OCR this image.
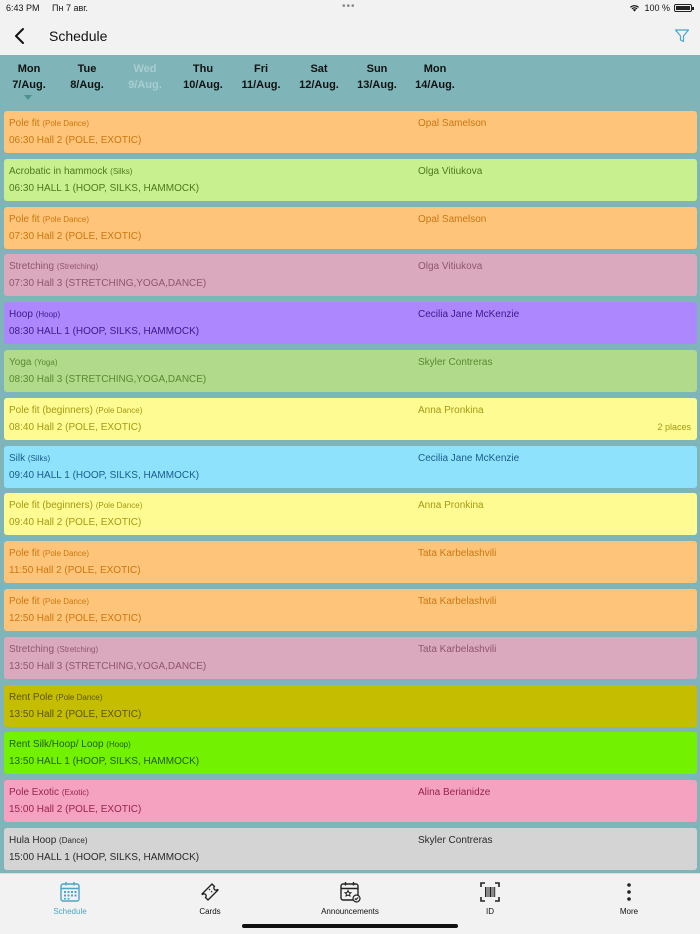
6:43 PM Пн 7 авг.	•••	100 %
Schedule
Mon
7/Aug.
Tue
8/Aug.
Wed
9/Aug.
Thu
10/Aug.
Fri
11/Aug.
Sat
12/Aug.
Sun
13/Aug.
Mon
14/Aug.
Pole fit (Pole Dance)
06:30 Hall 2 (POLE, EXOTIC)
Opal Samelson
Acrobatic in hammock (Silks)
06:30 HALL 1 (HOOP, SILKS, HAMMOCK)
Olga Vitiukova
Pole fit (Pole Dance)
07:30 Hall 2 (POLE, EXOTIC)
Opal Samelson
Stretching (Stretching)
07:30 Hall 3 (STRETCHING,YOGA,DANCE)
Olga Vitiukova
Hoop (Hoop)
08:30 HALL 1 (HOOP, SILKS, HAMMOCK)
Cecilia Jane McKenzie
Yoga (Yoga)
08:30 Hall 3 (STRETCHING,YOGA,DANCE)
Skyler Contreras
Pole fit (beginners) (Pole Dance)
08:40 Hall 2 (POLE, EXOTIC)
Anna Pronkina
2 places
Silk (Silks)
09:40 HALL 1 (HOOP, SILKS, HAMMOCK)
Cecilia Jane McKenzie
Pole fit (beginners) (Pole Dance)
09:40 Hall 2 (POLE, EXOTIC)
Anna Pronkina
Pole fit (Pole Dance)
11:50 Hall 2 (POLE, EXOTIC)
Tata Karbelashvili
Pole fit (Pole Dance)
12:50 Hall 2 (POLE, EXOTIC)
Tata Karbelashvili
Stretching (Stretching)
13:50 Hall 3 (STRETCHING,YOGA,DANCE)
Tata Karbelashvili
Rent Pole (Pole Dance)
13:50 Hall 2 (POLE, EXOTIC)
Rent Silk/Hoop/ Loop (Hoop)
13:50 HALL 1 (HOOP, SILKS, HAMMOCK)
Pole Exotic (Exotic)
15:00 Hall 2 (POLE, EXOTIC)
Alina Berianidze
Hula Hoop (Dance)
15:00 HALL 1 (HOOP, SILKS, HAMMOCK)
Skyler Contreras
Schedule	Cards	Announcements	ID	More
